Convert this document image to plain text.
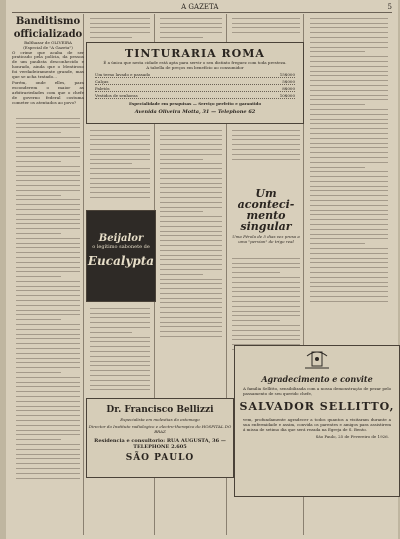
A GAZETA	5
Banditismo
officializado
Balthazar de OLIVEIRA
(Especial de "A Gazeta")

O crime que acaba de ser praticado pela polícia, da pessoa de um paulista desconhecido e honrado, ainda que o Mentiroso foi verdadeiramente grande, mas que se acha tratado...

Porém, onde elles, para esconderem o maior as arbitrariedades com que o chefe de governo federal costuma cometer os atentados ao povo?

TINTURARIA ROMA
É a única que nesta cidade está apta para servir o seu distinto freguez com toda presteza.
A tabella de preços em benefício ao consumidor
Um terno lavado e passado	15$000
Calças	5$000
Paletós	8$000
Vestidos de senhoras	10$000
Especialidade em pesquisas — Serviço perfeito e garantido
Avenida Oliveira Motta, 31 — Telephone 62
Beijalor
o legítimo sabonete de
Eucalypta
Um aconteci-mento singular
Uma Pérola de 5 dias vez presa a uma "pervian" de trigo real
Dr. Francisco Bellizzi
Especialista em molestias do estomago
Director do Instituto radiologico e electro-therapico do HOSPITAL DO BRAZ
Residencia e consultorio: RUA AUGUSTA, 36 — TELEPHONE 2.605
SÃO PAULO
Agradecimento e convite
A familia Sellitto, sensibilizada com a nossa demonstração de pezar pelo passamento de seu querido chefe,
SALVADOR SELLITTO,
vem, profundamente agradecer a todos quantos a visitaram durante a sua enfermidade e assim, convida os parentes e amigos para assistirem á missa de setimo dia que será rezada na Egreja de S. Bento.
São Paulo, 25 de Fevereiro de 1926.
